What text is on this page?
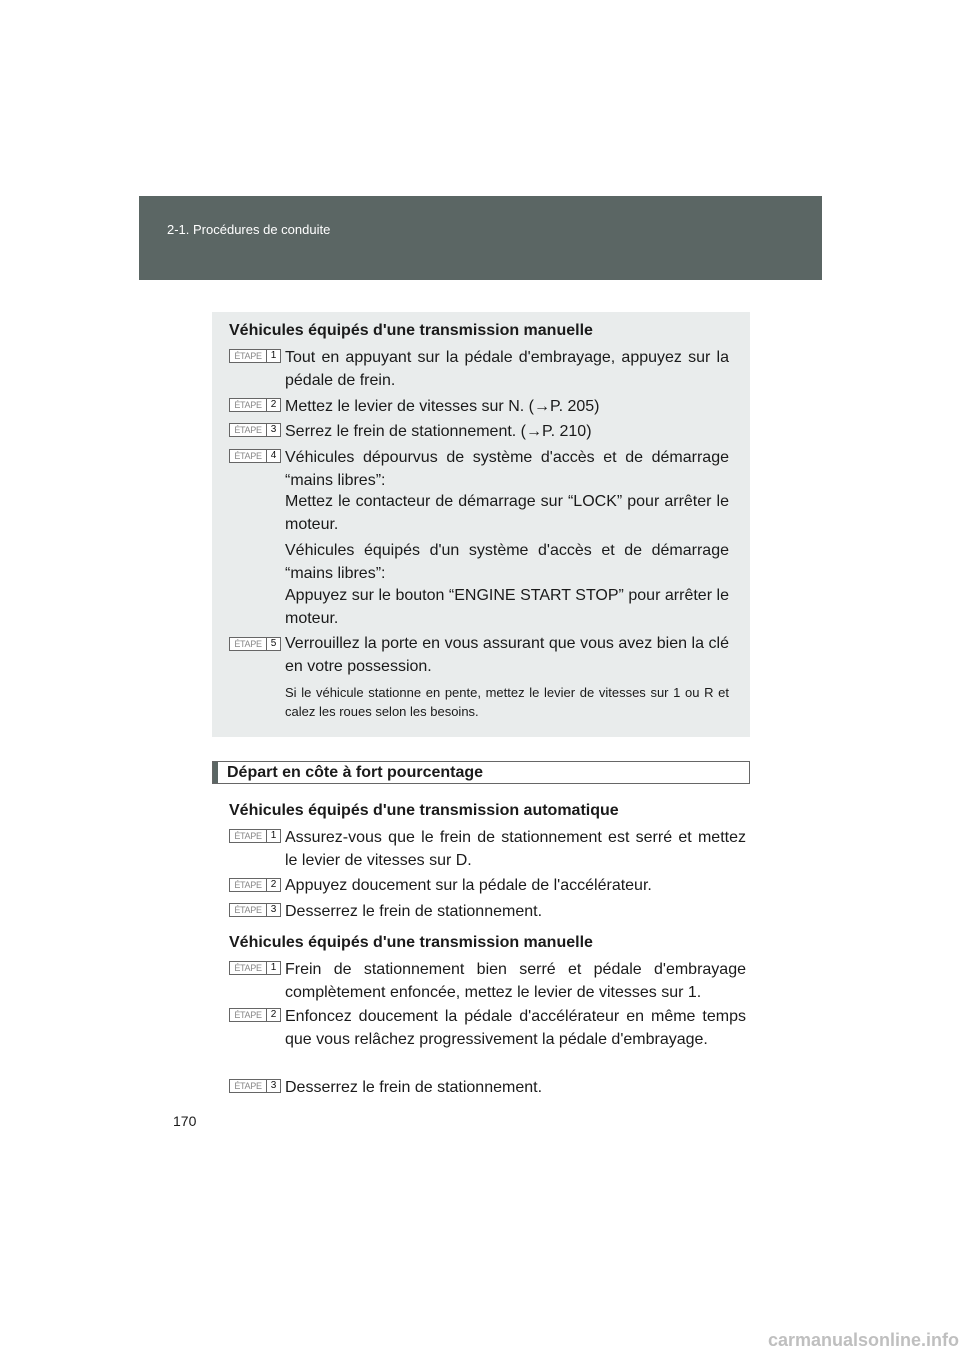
2-1. Procédures de conduite
Véhicules équipés d'une transmission manuelle
ÉTAPE 1 Tout en appuyant sur la pédale d'embrayage, appuyez sur la pédale de frein.
ÉTAPE 2 Mettez le levier de vitesses sur N. (→P. 205)
ÉTAPE 3 Serrez le frein de stationnement. (→P. 210)
ÉTAPE 4 Véhicules dépourvus de système d'accès et de démarrage “mains libres”:
Mettez le contacteur de démarrage sur “LOCK” pour arrêter le moteur.
Véhicules équipés d'un système d'accès et de démarrage “mains libres”:
Appuyez sur le bouton “ENGINE START STOP” pour arrêter le moteur.
ÉTAPE 5 Verrouillez la porte en vous assurant que vous avez bien la clé en votre possession.
Si le véhicule stationne en pente, mettez le levier de vitesses sur 1 ou R et calez les roues selon les besoins.
Départ en côte à fort pourcentage
Véhicules équipés d'une transmission automatique
ÉTAPE 1 Assurez-vous que le frein de stationnement est serré et mettez le levier de vitesses sur D.
ÉTAPE 2 Appuyez doucement sur la pédale de l'accélérateur.
ÉTAPE 3 Desserrez le frein de stationnement.
Véhicules équipés d'une transmission manuelle
ÉTAPE 1 Frein de stationnement bien serré et pédale d'embrayage complètement enfoncée, mettez le levier de vitesses sur 1.
ÉTAPE 2 Enfoncez doucement la pédale d'accélérateur en même temps que vous relâchez progressivement la pédale d'embrayage.
ÉTAPE 3 Desserrez le frein de stationnement.
170
carmanualsonline.info
